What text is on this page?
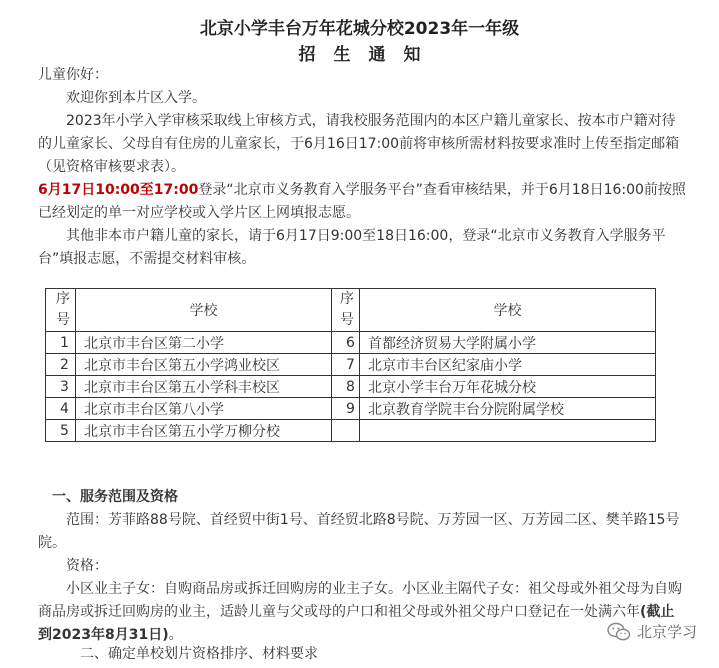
北京小学丰台万年花城分校2023年一年级
招生通知

儿童你好：

欢迎你到本片区入学。

2023年小学入学审核采取线上审核方式，请我校服务范围内的本区户籍儿童家长、按本市户籍对待的儿童家长、父母自有住房的儿童家长，于6月16日17:00前将审核所需材料按要求准时上传至指定邮箱（见资格审核要求表）。

6月17日10:00至17:00登录“北京市义务教育入学服务平台”查看审核结果，并于6月18日16:00前按照已经划定的单一对应学校或入学片区上网填报志愿。

其他非本市户籍儿童的家长，请于6月17日9:00至18日16:00，登录“北京市义务教育入学服务平台”填报志愿，不需提交材料审核。

序号	学校	序号	学校
1	北京市丰台区第二小学	6	首都经济贸易大学附属小学
2	北京市丰台区第五小学鸿业校区	7	北京市丰台区纪家庙小学
3	北京市丰台区第五小学科丰校区	8	北京小学丰台万年花城分校
4	北京市丰台区第八小学	9	北京教育学院丰台分院附属学校
5	北京市丰台区第五小学万柳分校		

一、服务范围及资格

范围：芳菲路88号院、首经贸中街1号、首经贸北路8号院、万芳园一区、万芳园二区、樊羊路15号院。

资格：

小区业主子女：自购商品房或拆迁回购房的业主子女。小区业主隔代子女：祖父母或外祖父母为自购商品房或拆迁回购房的业主，适龄儿童与父或母的户口和祖父母或外祖父母户口登记在一处满六年(截止到2023年8月31日)。

二、确定单校划片资格排序、材料要求

北京学习
